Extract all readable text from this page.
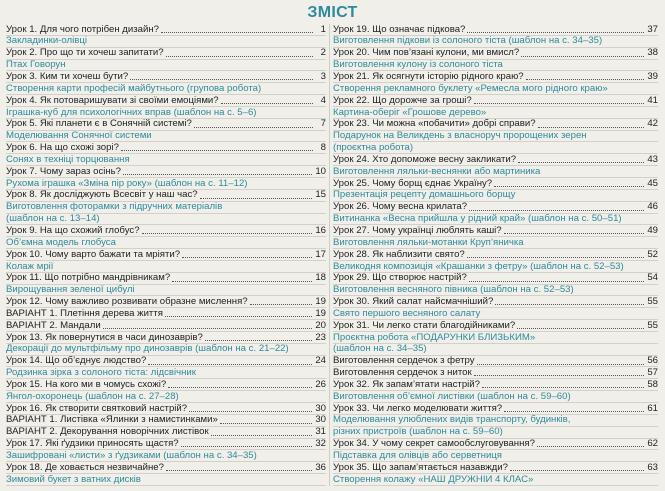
ЗМІСТ
Урок 1. Для чого потрібен дизайн?	1
Закладинки-олівці
Урок 2. Про що ти хочеш запитати?	2
Птах Говорун
Урок 3. Ким ти хочеш бути?	3
Створення карти професій майбутнього (групова робота)
Урок 4. Як потоваришувати зі своїми емоціями?	4
Іграшка-куб для психологічних вправ (шаблон на с. 5–6)
Урок 5. Які планети є в Сонячній системі?	7
Моделювання Сонячної системи
Урок 6. На що схожі зорі?	8
Сонях в техніці торцювання
Урок 7. Чому зараз осінь?	10
Рухома іграшка «Зміна пір року» (шаблон на с. 11–12)
Урок 8. Як досліджують Всесвіт у наш час?	15
Виготовлення фоторамки з підручних матеріалів
(шаблон на с. 13–14)
Урок 9. На що схожий глобус?	16
Об’ємна модель глобуса
Урок 10. Чому варто бажати та мріяти?	17
Колаж мрії
Урок 11. Що потрібно мандрівникам?	18
Вирощування зеленої цибулі
Урок 12. Чому важливо розвивати образне мислення?	19
ВАРІАНТ 1. Плетіння дерева життя	19
ВАРІАНТ 2. Мандали	20
Урок 13. Як повернутися в часи динозаврів?	23
Декорації до мультфільму про динозаврів (шаблон на с. 21–22)
Урок 14. Що об’єднує людство?	24
Родзинка зірка з солоного тіста: лідсвічник
Урок 15. На кого ми в чомусь схожі?	26
Янгол-охоронець (шаблон на с. 27–28)
Урок 16. Як створити святковий настрій?	30
ВАРІАНТ 1. Листівка «Ялинки з намистинками»	30
ВАРІАНТ 2. Декорування новорічних листівок	31
Урок 17. Які ґудзики приносять щастя?	32
Зашифровані «листи» з ґудзиками (шаблон на с. 34–35)
Урок 18. Де ховається незвичайне?	36
Зимовий букет з ватних дисків
Урок 19. Що означає підкова?	37
Виготовлення підкови із солоного тіста (шаблон на с. 34–35)
Урок 20. Чим пов’язані кулони, ми вмисл?	38
Виготовлення кулону із солоного тіста
Урок 21. Як осягнути історію рідного краю?	39
Створення рекламного буклету «Ремесла мого рідного краю»
Урок 22. Що дорожче за гроші?	41
Картина-оберіг «Грошове дерево»
Урок 23. Чи можна «побачити» добрі справи?	42
Подарунок на Великдень з власноруч пророщених зерен
(проєктна робота)
Урок 24. Хто допоможе весну закликати?	43
Виготовлення ляльки-веснянки або мартиника
Урок 25. Чому борщ єднає Україну?	45
Презентація рецепту домашнього борщу
Урок 26. Чому весна крилата?	46
Витинанка «Весна прийшла у рідний край» (шаблон на с. 50–51)
Урок 27. Чому українці люблять каші?	49
Виготовлення ляльки-мотанки Круп’яничка
Урок 28. Як наблизити свято?	52
Великодня композиція «Крашанки з фетру» (шаблон на с. 52–53)
Урок 29. Що створює настрій?	54
Виготовлення весняного півника (шаблон на с. 52–53)
Урок 30. Який салат найсмачніший?	55
Свято першого весняного салату
Урок 31. Чи легко стати благодійниками?	55
Проєктна робота «ПОДАРУНКИ БЛИЗЬКИМ»
(шаблон на с. 34–35)
Виготовлення сердечок з фетру	56
Виготовлення сердечок з ниток	57
Урок 32. Як запам’ятати настрій?	58
Виготовлення об’ємної листівки (шаблон на с. 59–60)
Урок 33. Чи легко моделювати життя?	61
Моделювання улюблених видів транспорту, будинків,
різних пристроїв (шаблон на с. 59–60)
Урок 34. У чому секрет самообслуговування?	62
Підставка для олівців або серветниця
Урок 35. Що запам’ятається назавжди?	63
Створення колажу «НАШ ДРУЖНІЙ 4 КЛАС»
